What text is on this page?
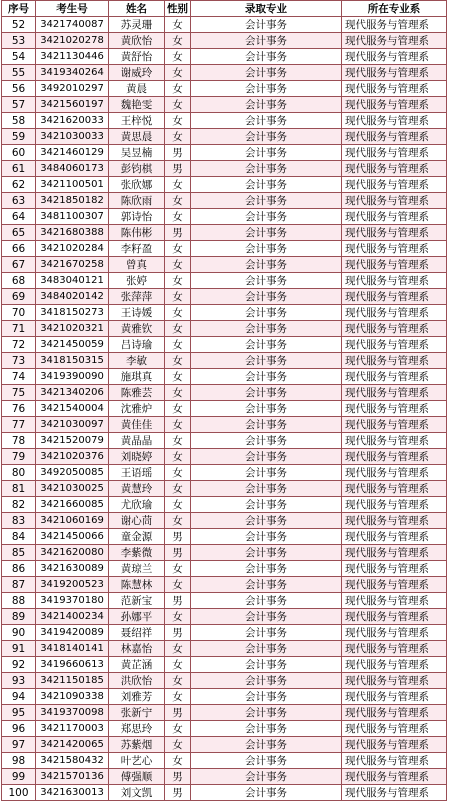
序号	考生号	姓名	性别	录取专业	所在专业系
52	3421740087	苏灵珊	女	会计事务	现代服务与管理系
53	3421020278	黄欣怡	女	会计事务	现代服务与管理系
54	3421130446	黄舒怡	女	会计事务	现代服务与管理系
55	3419340264	谢威玲	女	会计事务	现代服务与管理系
56	3492010297	黄晨	女	会计事务	现代服务与管理系
57	3421560197	魏艳雯	女	会计事务	现代服务与管理系
58	3421620033	王梓悦	女	会计事务	现代服务与管理系
59	3421030033	黄思晨	女	会计事务	现代服务与管理系
60	3421460129	吴昱楠	男	会计事务	现代服务与管理系
61	3484060173	彭钧棋	男	会计事务	现代服务与管理系
62	3421100501	张欣娜	女	会计事务	现代服务与管理系
63	3421850182	陈欣雨	女	会计事务	现代服务与管理系
64	3481100307	郭诗怡	女	会计事务	现代服务与管理系
65	3421680388	陈伟彬	男	会计事务	现代服务与管理系
66	3421020284	李籽盈	女	会计事务	现代服务与管理系
67	3421670258	曾真	女	会计事务	现代服务与管理系
68	3483040121	张婷	女	会计事务	现代服务与管理系
69	3484020142	张萍萍	女	会计事务	现代服务与管理系
70	3418150273	王诗媛	女	会计事务	现代服务与管理系
71	3421020321	黄雅钦	女	会计事务	现代服务与管理系
72	3421450059	吕诗瑜	女	会计事务	现代服务与管理系
73	3418150315	李敏	女	会计事务	现代服务与管理系
74	3419390090	施琪真	女	会计事务	现代服务与管理系
75	3421340206	陈雅芸	女	会计事务	现代服务与管理系
76	3421540004	沈雅炉	女	会计事务	现代服务与管理系
77	3421030097	黄佳佳	女	会计事务	现代服务与管理系
78	3421520079	黄晶晶	女	会计事务	现代服务与管理系
79	3421020376	刘晓婷	女	会计事务	现代服务与管理系
80	3492050085	王语瑶	女	会计事务	现代服务与管理系
81	3421030025	黄慧玲	女	会计事务	现代服务与管理系
82	3421660085	尤欣瑜	女	会计事务	现代服务与管理系
83	3421060169	谢心茼	女	会计事务	现代服务与管理系
84	3421450066	童金源	男	会计事务	现代服务与管理系
85	3421620080	李紫微	男	会计事务	现代服务与管理系
86	3421630089	黄琼兰	女	会计事务	现代服务与管理系
87	3419200523	陈慧林	女	会计事务	现代服务与管理系
88	3419370180	范新宝	男	会计事务	现代服务与管理系
89	3421400234	孙娜平	女	会计事务	现代服务与管理系
90	3419420089	聂绍祥	男	会计事务	现代服务与管理系
91	3418140141	林嘉怡	女	会计事务	现代服务与管理系
92	3419660613	黄芷涵	女	会计事务	现代服务与管理系
93	3421150185	洪欣怡	女	会计事务	现代服务与管理系
94	3421090338	刘雅芳	女	会计事务	现代服务与管理系
95	3419370098	张新宁	男	会计事务	现代服务与管理系
96	3421170003	郑思玲	女	会计事务	现代服务与管理系
97	3421420065	苏紫烟	女	会计事务	现代服务与管理系
98	3421580432	叶艺心	女	会计事务	现代服务与管理系
99	3421570136	傅强顺	男	会计事务	现代服务与管理系
100	3421630013	刘文凯	男	会计事务	现代服务与管理系
